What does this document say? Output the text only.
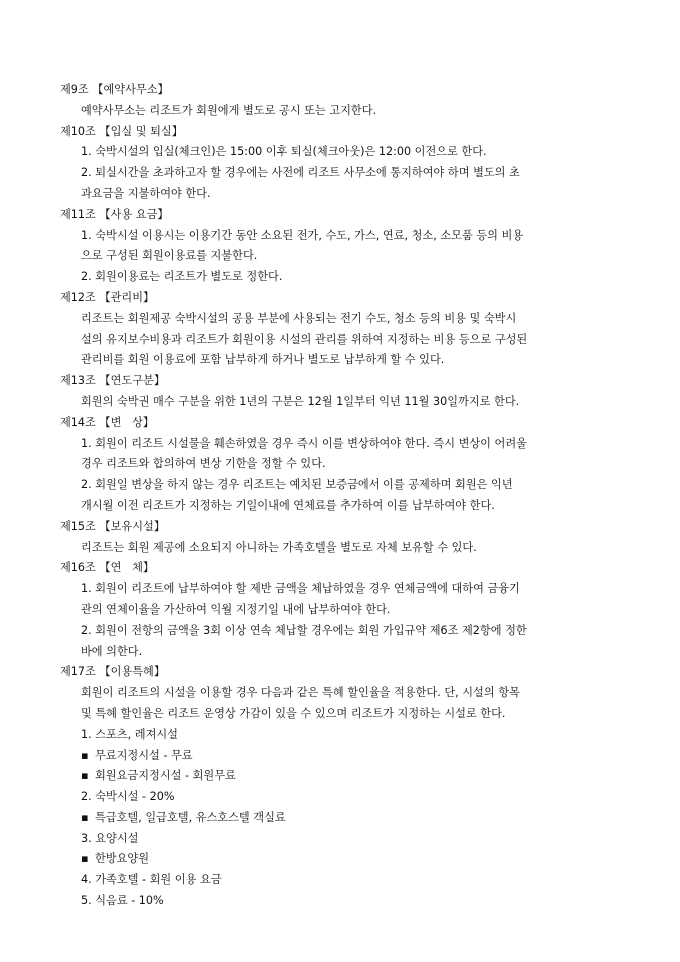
제9조 【예약사무소】

예약사무소는 리조트가 회원에게 별도로 공시 또는 고지한다.

제10조 【입실 및 퇴실】

1. 숙박시설의 입실(체크인)은 15:00 이후 퇴실(체크아웃)은 12:00 이전으로 한다.

2. 퇴실시간을 초과하고자 할 경우에는 사전에 리조트 사무소에 통지하여야 하며 별도의 초

과요금을 지불하여야 한다.

제11조 【사용 요금】

1. 숙박시설 이용시는 이용기간 동안 소요된 전가, 수도, 가스, 연료, 청소, 소모품 등의 비용

으로 구성된 회원이용료를 지불한다.

2. 회원이용료는 리조트가 별도로 정한다.

제12조 【관리비】

리조트는 회원제공 숙박시설의 공용 부분에 사용되는 전기 수도, 청소 등의 비용 및 숙박시

설의 유지보수비용과 리조트가 회원이용 시설의 관리를 위하여 지정하는 비용 등으로 구성된

관리비를 회원 이용료에 포함 납부하게 하거나 별도로 납부하게 할 수 있다.

제13조 【연도구분】

회원의 숙박권 매수 구분을 위한 1년의 구분은 12월 1일부터 익년 11월 30일까지로 한다.

제14조 【변   상】

1. 회원이 리조트 시설물을 훼손하였을 경우 즉시 이를 변상하여야 한다. 즉시 변상이 어려울

경우 리조트와 합의하여 변상 기한을 정할 수 있다.

2. 회원일 변상을 하지 않는 경우 리조트는 예치된 보증금에서 이를 공제하며 회원은 익년

개시월 이전 리조트가 지정하는 기일이내에 연체료를 추가하여 이를 납부하여야 한다.

제15조 【보유시설】

리조트는 회원 제공에 소요되지 아니하는 가족호텔을 별도로 자체 보유할 수 있다.

제16조 【연   체】

1. 회원이 리조트에 납부하여야 할 제반 금액을 체납하였을 경우 연체금액에 대하여 금융기

관의 연체이율을 가산하여 익월 지정기일 내에 납부하여야 한다.

2. 회원이 전항의 금액을 3회 이상 연속 체납할 경우에는 회원 가입규약 제6조 제2항에 정한

바에 의한다.

제17조 【이용특혜】

회원이 리조트의 시설을 이용할 경우 다음과 같은 특혜 할인율을 적용한다. 단, 시설의 항목

및 특혜 할인율은 리조트 운영상 가감이 있을 수 있으며 리조트가 지정하는 시설로 한다.

1. 스포츠, 레져시설

▪ 무료지정시설 - 무료

▪ 회원요금지정시설 - 회원무료

2. 숙박시설 - 20%

▪ 특급호텔, 일급호텔, 유스호스텔 객실료

3. 요양시설

▪ 한방요양원

4. 가족호텔 - 회원 이용 요금

5. 식음료 - 10%
